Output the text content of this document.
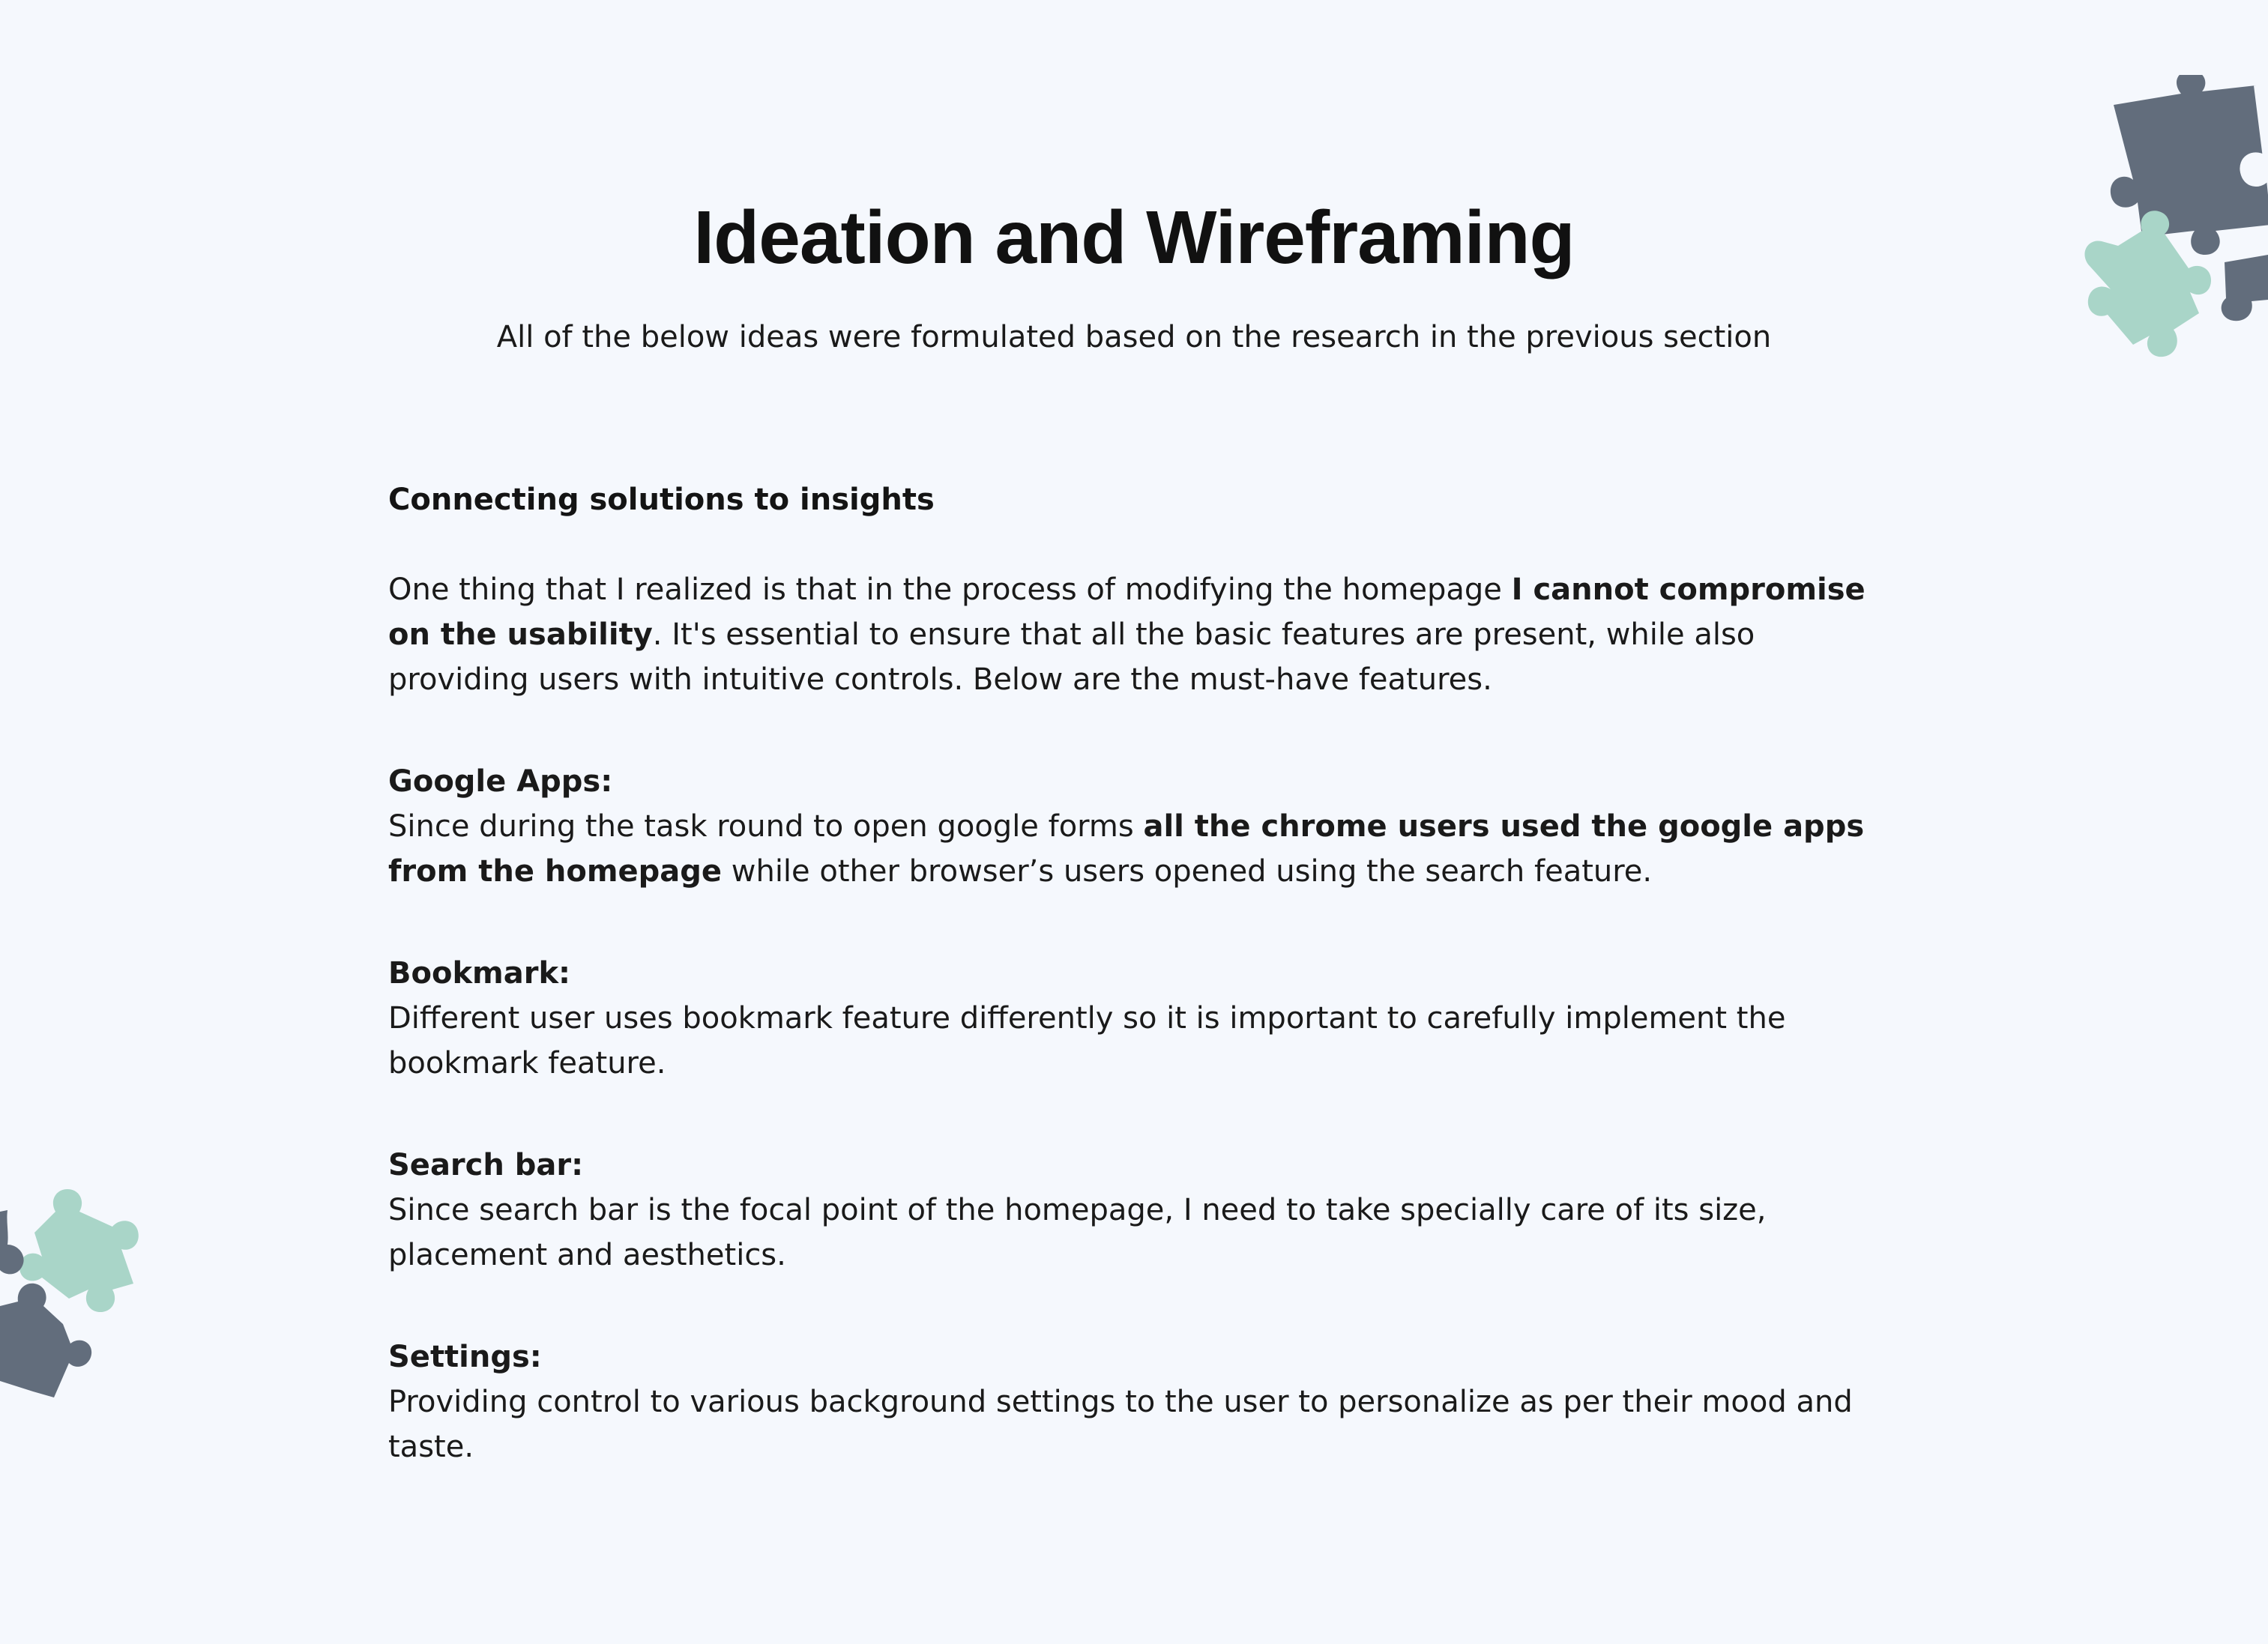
Ideation and Wireframing

All of the below ideas were formulated based on the research in the previous section

Connecting solutions to insights

One thing that I realized is that in the process of modifying the homepage I cannot compromise on the usability. It's essential to ensure that all the basic features are present, while also providing users with intuitive controls. Below are the must-have features.

Google Apps:
Since during the task round to open google forms all the chrome users used the google apps from the homepage while other browser’s users opened using the search feature.
Bookmark:
Different user uses bookmark feature differently so it is important to carefully implement the bookmark feature.
Search bar:
Since search bar is the focal point of the homepage, I need to take specially care of its size, placement and aesthetics.
Settings:
Providing control to various background settings to the user to personalize as per their mood and taste.
